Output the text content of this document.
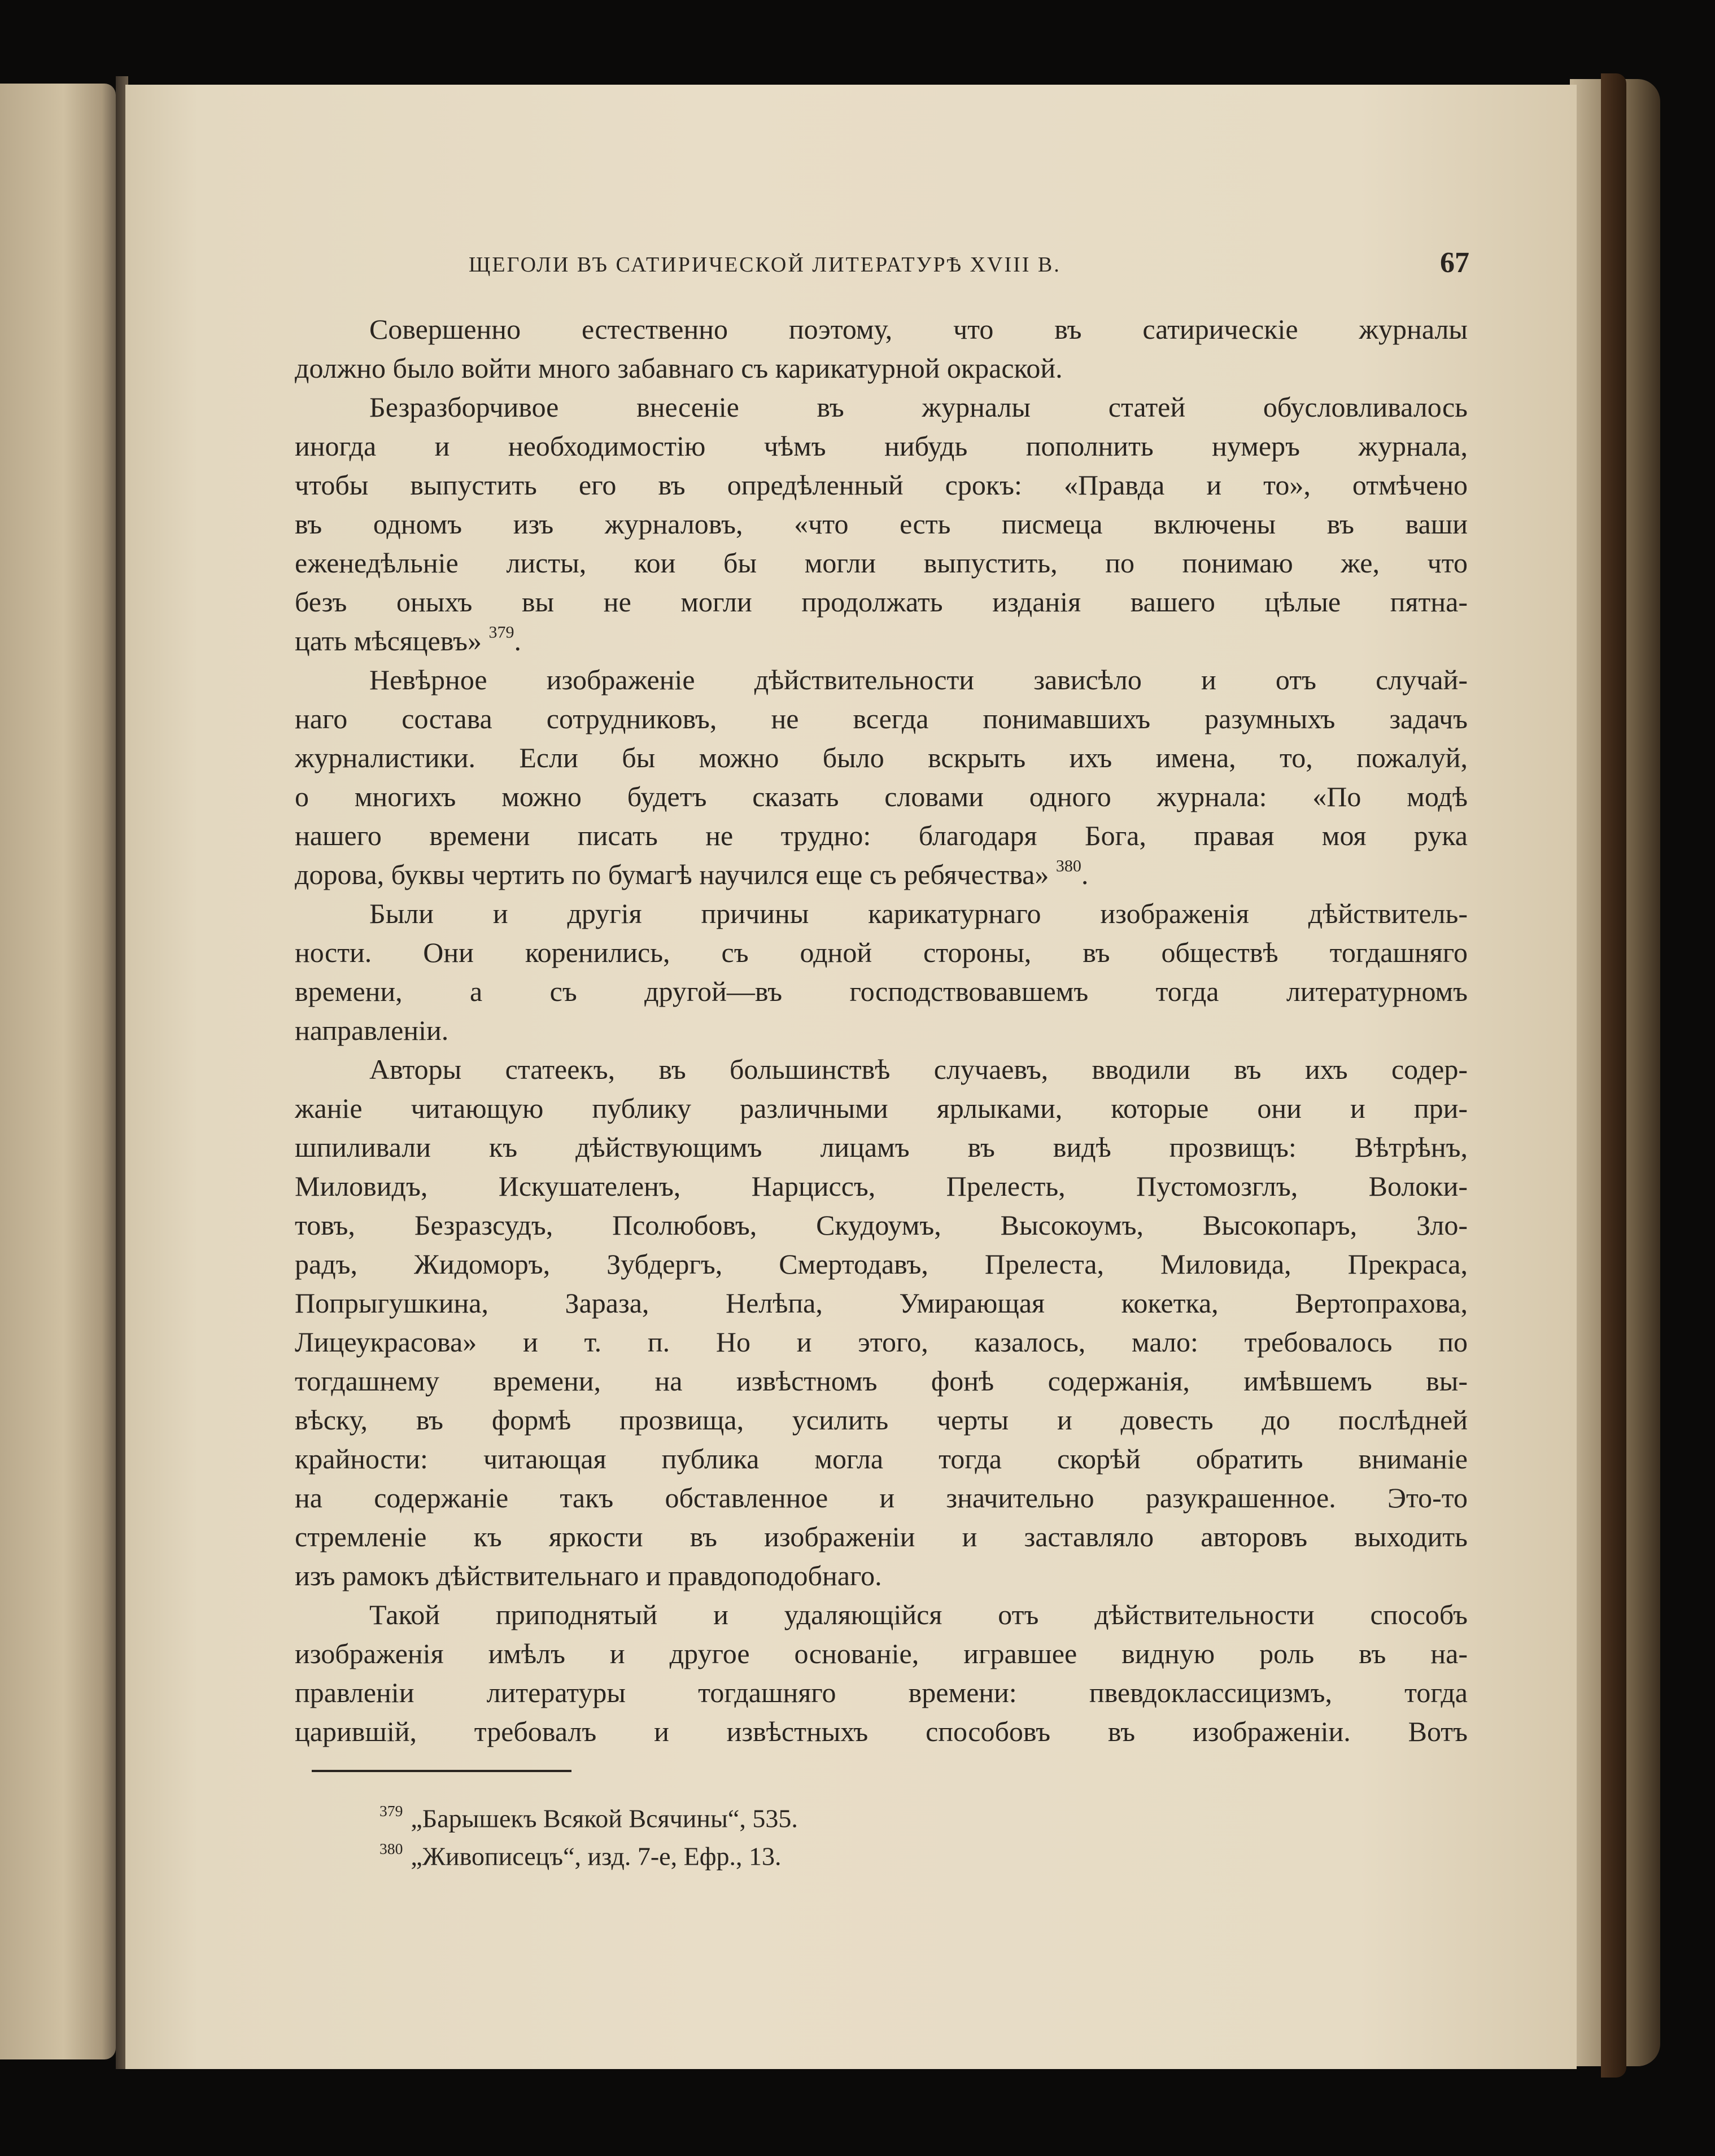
ЩЕГОЛИ ВЪ САТИРИЧЕСКОЙ ЛИТЕРАТУРѢ XVIII В.	67
Совершенно естественно поэтому, что въ сатирическіе журналы
должно было войти много забавнаго съ карикатурной окраской.
Безразборчивое внесеніе въ журналы статей обусловливалось
иногда и необходимостію чѣмъ нибудь пополнить нумеръ журнала,
чтобы выпустить его въ опредѣленный срокъ: «Правда и то», отмѣчено
въ одномъ изъ журналовъ, «что есть писмеца включены въ ваши
еженедѣльніе листы, кои бы могли выпустить, по понимаю же, что
безъ оныхъ вы не могли продолжать изданія вашего цѣлые пятна-
цать мѣсяцевъ» $^{379}$.
Невѣрное изображеніе дѣйствительности зависѣло и отъ случай-
наго состава сотрудниковъ, не всегда понимавшихъ разумныхъ задачъ
журналистики. Если бы можно было вскрыть ихъ имена, то, пожалуй,
о многихъ можно будетъ сказать словами одного журнала: «По модѣ
нашего времени писать не трудно: благодаря Бога, правая моя рука
дорова, буквы чертить по бумагѣ научился еще съ ребячества» $^{380}$.
Были и другія причины карикатурнаго изображенія дѣйствитель-
ности. Они коренились, съ одной стороны, въ обществѣ тогдашняго
времени, а съ другой—въ господствовавшемъ тогда литературномъ
направленіи.
Авторы статеекъ, въ большинствѣ случаевъ, вводили въ ихъ содер-
жаніе читающую публику различными ярлыками, которые они и при-
шпиливали къ дѣйствующимъ лицамъ въ видѣ прозвищъ: Вѣтрѣнъ,
Миловидъ, Искушателенъ, Нарциссъ, Прелесть, Пустомозглъ, Волоки-
товъ, Безразсудъ, Псолюбовъ, Скудоумъ, Высокоумъ, Высокопаръ, Зло-
радъ, Жидоморъ, Зубдергъ, Смертодавъ, Прелеста, Миловида, Прекраса,
Попрыгушкина, Зараза, Нелѣпа, Умирающая кокетка, Вертопрахова,
Лицеукрасова» и т. п. Но и этого, казалось, мало: требовалось по
тогдашнему времени, на извѣстномъ фонѣ содержанія, имѣвшемъ вы-
вѣску, въ формѣ прозвища, усилить черты и довесть до послѣдней
крайности: читающая публика могла тогда скорѣй обратить вниманіе
на содержаніе такъ обставленное и значительно разукрашенное. Это-то
стремленіе къ яркости въ изображеніи и заставляло авторовъ выходить
изъ рамокъ дѣйствительнаго и правдоподобнаго.
Такой приподнятый и удаляющійся отъ дѣйствительности способъ
изображенія имѣлъ и другое основаніе, игравшее видную роль въ на-
правленіи литературы тогдашняго времени: пвевдоклассицизмъ, тогда
царившій, требовалъ и извѣстныхъ способовъ въ изображеніи. Вотъ
$^{379}$ „Барышекъ Всякой Всячины“, 535.
$^{380}$ „Живописецъ“, изд. 7-е, Ефр., 13.
